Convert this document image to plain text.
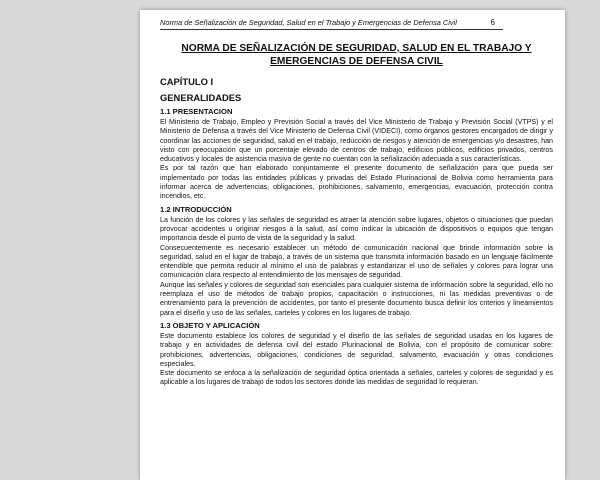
Norma de Señalización de Seguridad, Salud en el Trabajo y Emergencias de Defensa Civil	6
NORMA DE SEÑALIZACIÓN DE SEGURIDAD, SALUD EN EL TRABAJO Y EMERGENCIAS DE DEFENSA CIVIL
CAPÍTULO I
GENERALIDADES
1.1 PRESENTACION

El Ministerio de Trabajo, Empleo y Previsión Social a través del Vice Ministerio de Trabajo y Previsión Social (VTPS) y el Ministerio de Defensa a través del Vice Ministerio de Defensa Civil (VIDECI), como órganos gestores encargados de dirigir y coordinar las acciones de seguridad, salud en el trabajo, reducción de riesgos y atención de emergencias y/o desastres, han visto con preocupación que un porcentaje elevado de centros de trabajo, edificios públicos, edificios privados, centros educativos y locales de asistencia masiva de gente no cuentan con la señalización adecuada a sus características.

Es por tal razón que han elaborado conjuntamente el presente documento de señalización para que pueda ser implementado por todas las entidades públicas y privadas del Estado Plurinacional de Bolivia como herramienta para informar acerca de advertencias, obligaciones, prohibiciones, salvamento, emergencias, evacuación, protección contra incendios, etc.

1.2 INTRODUCCIÓN

La función de los colores y las señales de seguridad es atraer la atención sobre lugares, objetos o situaciones que puedan provocar accidentes u originar riesgos a la salud, así como indicar la ubicación de dispositivos o equipos que tengan importancia desde el punto de vista de la seguridad y la salud.

Consecuentemente es necesario establecer un método de comunicación nacional que brinde información sobre la seguridad, salud en el lugar de trabajo, a través de un sistema que transmita información basado en un lenguaje fácilmente entendible que permita reducir al mínimo el uso de palabras y estandarizar el uso de señales y colores para lograr una comunicación clara respecto al entendimiento de los mensajes de seguridad.

Aunque las señales y colores de seguridad son esenciales para cualquier sistema de información sobre la seguridad, ello no reemplaza el uso de métodos de trabajo propios, capacitación o instrucciones, ni las medidas preventivas o de entrenamiento para la prevención de accidentes, por tanto el presente documento busca definir los criterios y lineamientos para el diseño y uso de las señales, carteles y colores en los lugares de trabajo.

1.3 OBJETO Y APLICACIÓN

Este documento establece los colores de seguridad y el diseño de las señales de seguridad usadas en los lugares de trabajo y en actividades de defensa civil del estado Plurinacional de Bolivia, con el propósito de comunicar sobre: prohibiciones, advertencias, obligaciones, condiciones de seguridad, salvamento, evacuación y otras condiciones especiales.

Este documento se enfoca a la señalización de seguridad óptica orientada a señales, carteles y colores de seguridad y es aplicable a los lugares de trabajo de todos los sectores donde las medidas de seguridad lo requieran.
